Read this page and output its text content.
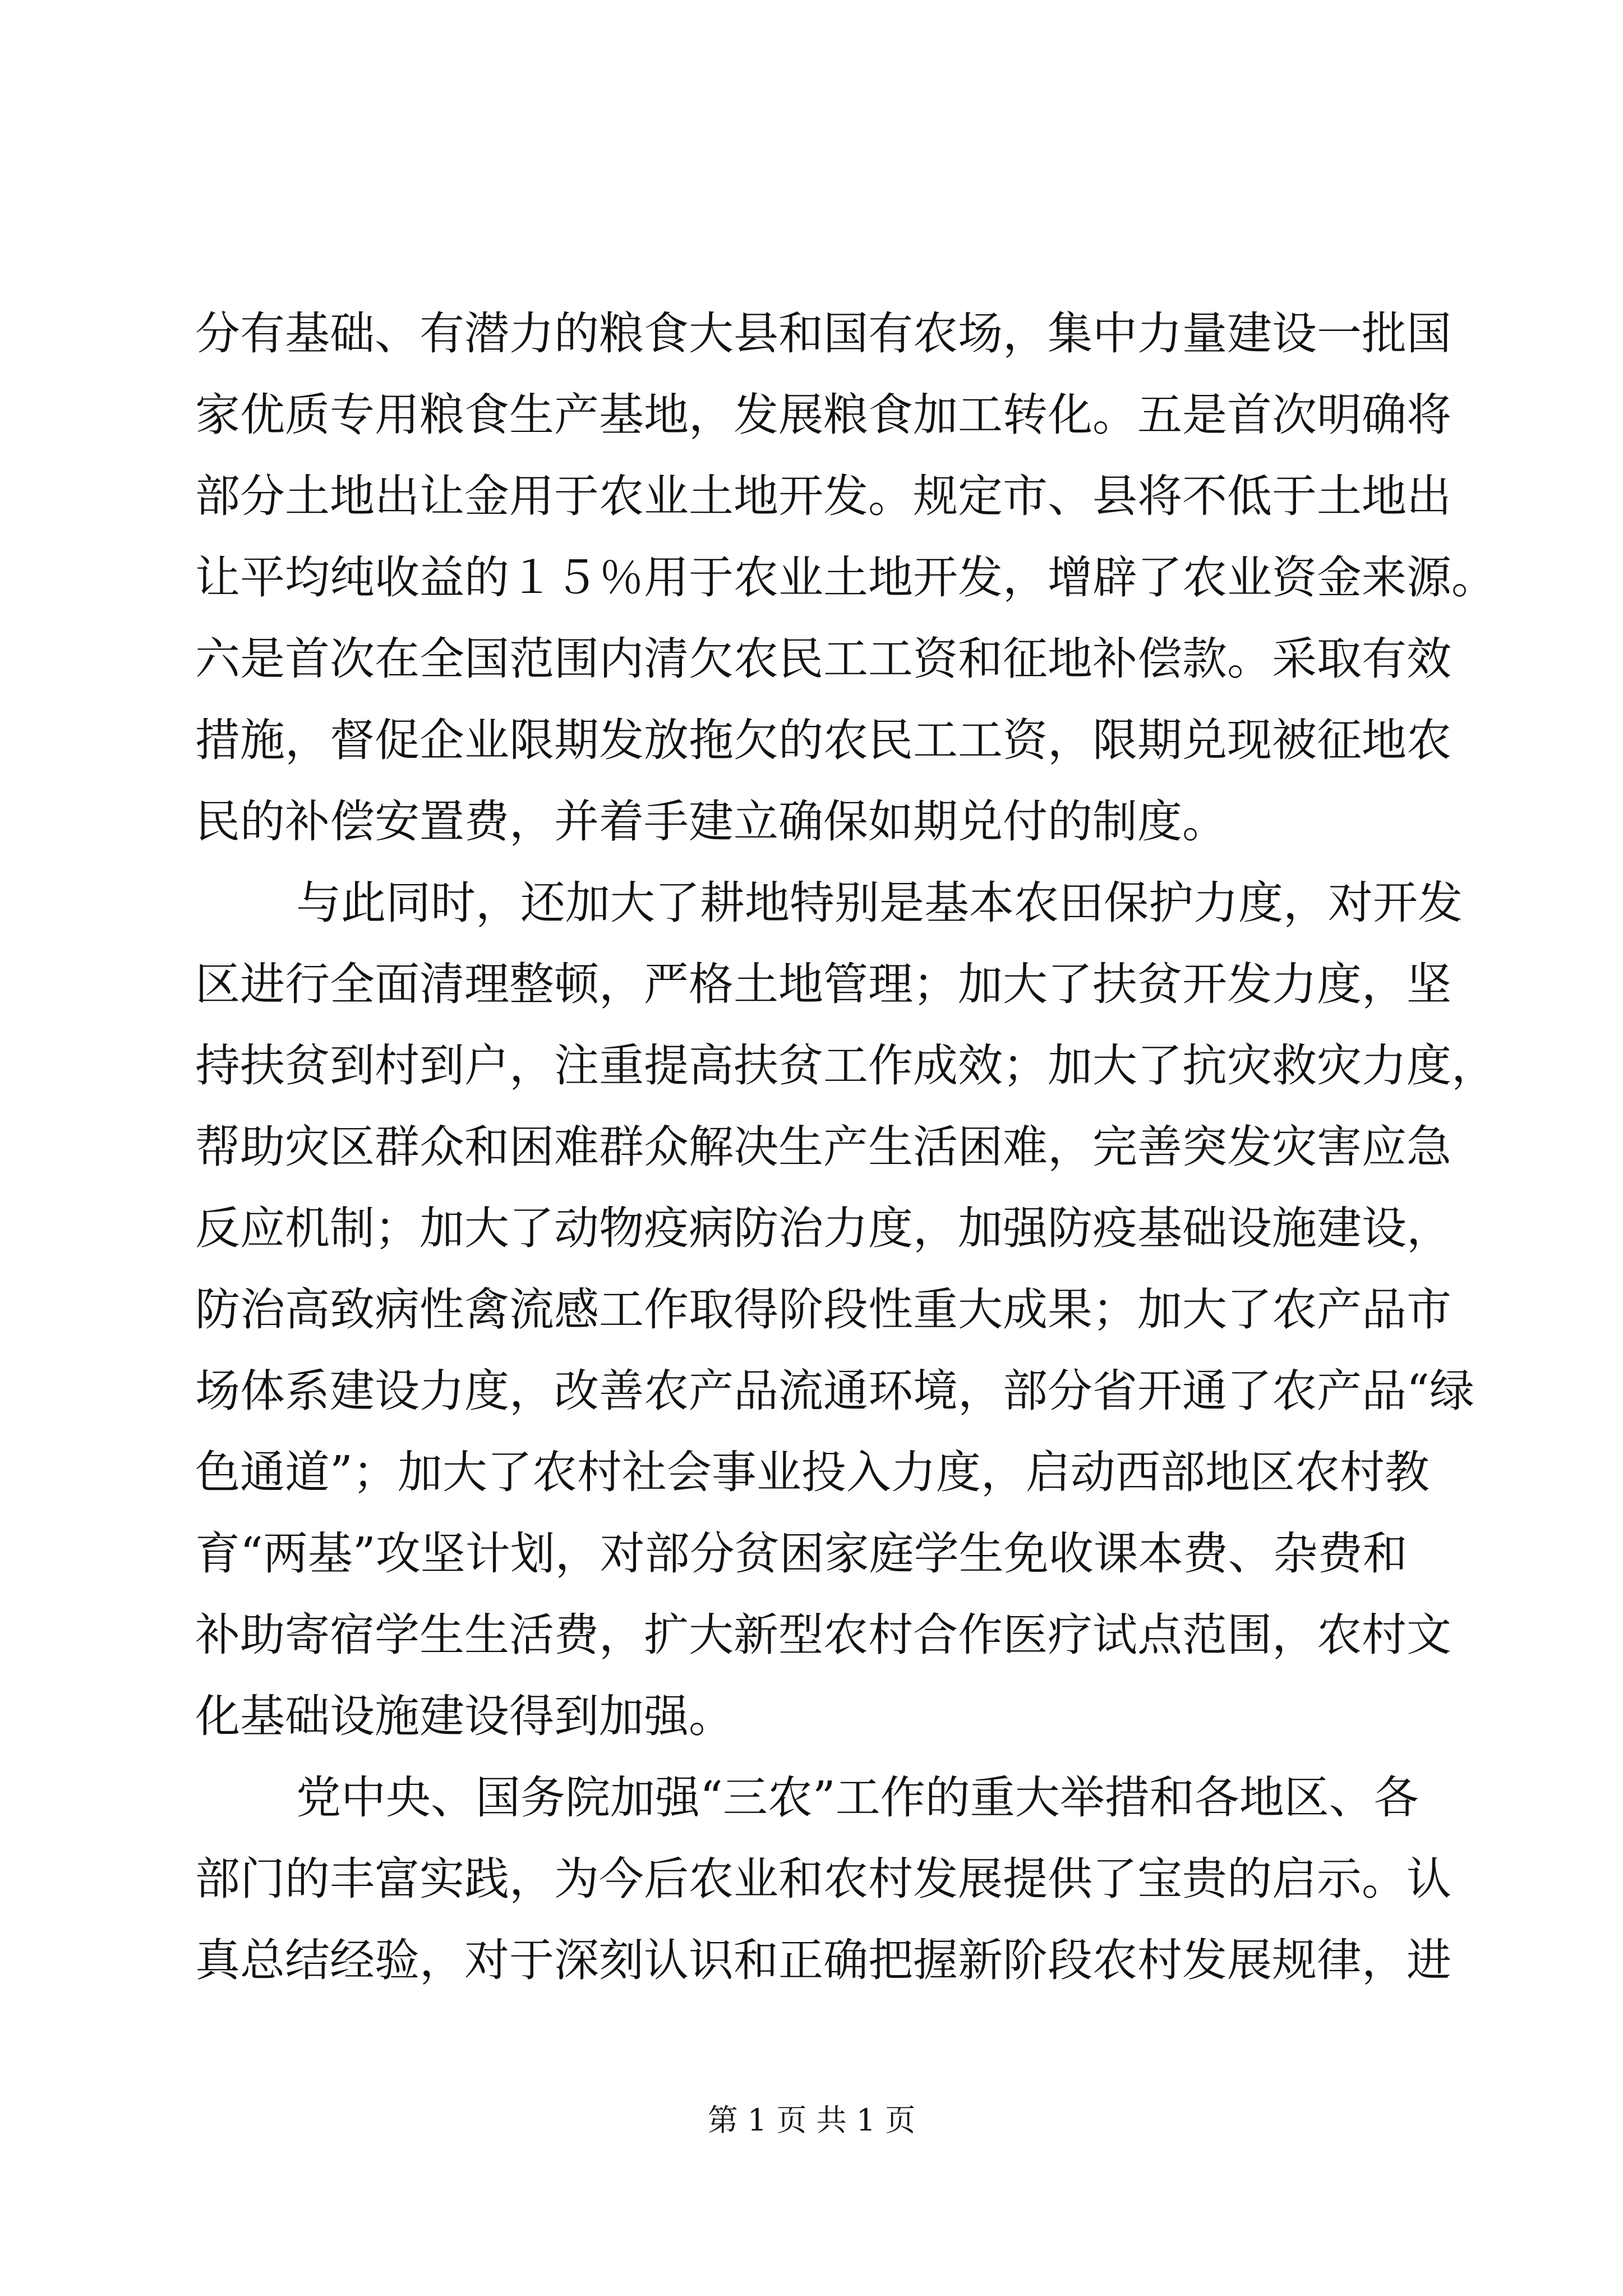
分有基础、有潜力的粮食大县和国有农场，集中力量建设一批国
家优质专用粮食生产基地，发展粮食加工转化。五是首次明确将
部分土地出让金用于农业土地开发。规定市、县将不低于土地出
让平均纯收益的１５％用于农业土地开发，增辟了农业资金来源。
六是首次在全国范围内清欠农民工工资和征地补偿款。采取有效
措施，督促企业限期发放拖欠的农民工工资，限期兑现被征地农
民的补偿安置费，并着手建立确保如期兑付的制度。
与此同时，还加大了耕地特别是基本农田保护力度，对开发
区进行全面清理整顿，严格土地管理；加大了扶贫开发力度，坚
持扶贫到村到户，注重提高扶贫工作成效；加大了抗灾救灾力度，
帮助灾区群众和困难群众解决生产生活困难，完善突发灾害应急
反应机制；加大了动物疫病防治力度，加强防疫基础设施建设，
防治高致病性禽流感工作取得阶段性重大成果；加大了农产品市
场体系建设力度，改善农产品流通环境，部分省开通了农产品“绿
色通道”；加大了农村社会事业投入力度，启动西部地区农村教
育“两基”攻坚计划，对部分贫困家庭学生免收课本费、杂费和
补助寄宿学生生活费，扩大新型农村合作医疗试点范围，农村文
化基础设施建设得到加强。
党中央、国务院加强“三农”工作的重大举措和各地区、各
部门的丰富实践，为今后农业和农村发展提供了宝贵的启示。认
真总结经验，对于深刻认识和正确把握新阶段农村发展规律，进
第 1 页 共 1 页
